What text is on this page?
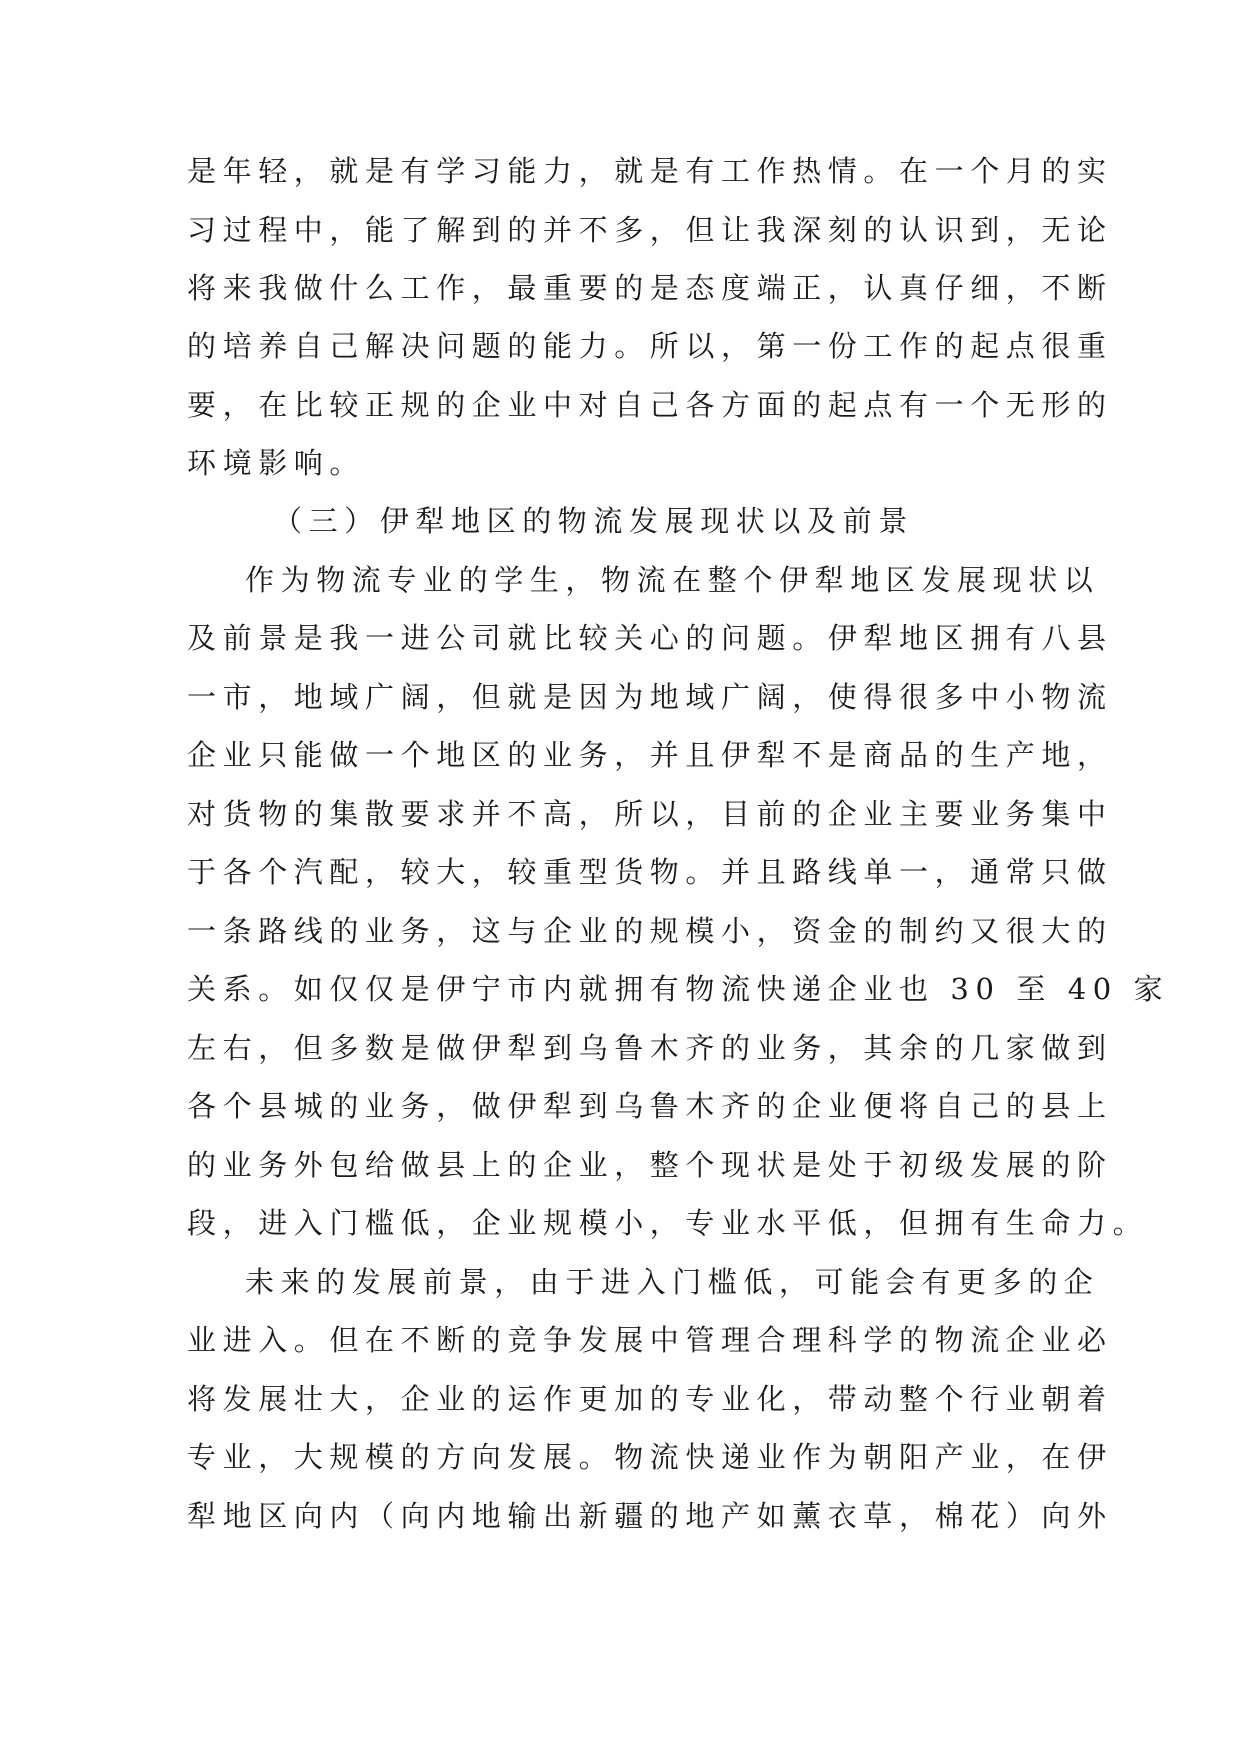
是年轻，就是有学习能力，就是有工作热情。在一个月的实
习过程中，能了解到的并不多，但让我深刻的认识到，无论
将来我做什么工作，最重要的是态度端正，认真仔细，不断
的培养自己解决问题的能力。所以，第一份工作的起点很重
要，在比较正规的企业中对自己各方面的起点有一个无形的
环境影响。
（三）伊犁地区的物流发展现状以及前景
作为物流专业的学生，物流在整个伊犁地区发展现状以
及前景是我一进公司就比较关心的问题。伊犁地区拥有八县
一市，地域广阔，但就是因为地域广阔，使得很多中小物流
企业只能做一个地区的业务，并且伊犁不是商品的生产地，
对货物的集散要求并不高，所以，目前的企业主要业务集中
于各个汽配，较大，较重型货物。并且路线单一，通常只做
一条路线的业务，这与企业的规模小，资金的制约又很大的
关系。如仅仅是伊宁市内就拥有物流快递企业也 30 至 40 家
左右，但多数是做伊犁到乌鲁木齐的业务，其余的几家做到
各个县城的业务，做伊犁到乌鲁木齐的企业便将自己的县上
的业务外包给做县上的企业，整个现状是处于初级发展的阶
段，进入门槛低，企业规模小，专业水平低，但拥有生命力。
未来的发展前景，由于进入门槛低，可能会有更多的企
业进入。但在不断的竞争发展中管理合理科学的物流企业必
将发展壮大，企业的运作更加的专业化，带动整个行业朝着
专业，大规模的方向发展。物流快递业作为朝阳产业，在伊
犁地区向内（向内地输出新疆的地产如薰衣草，棉花）向外
